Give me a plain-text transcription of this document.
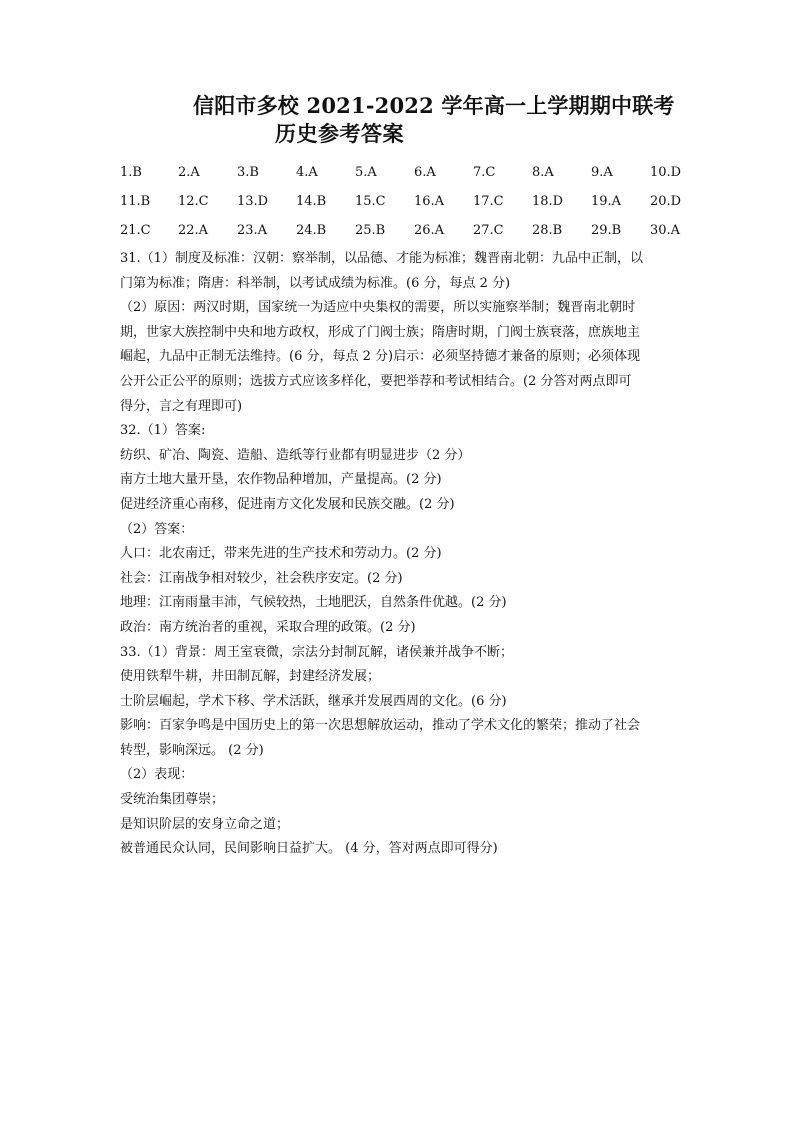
信阳市多校 2021-2022 学年高一上学期期中联考
历史参考答案
1.B	2.A	3.B	4.A	5.A	6.A	7.C	8.A	9.A	10.D
11.B	12.C	13.D	14.B	15.C	16.A	17.C	18.D	19.A	20.D
21.C	22.A	23.A	24.B	25.B	26.A	27.C	28.B	29.B	30.A
31.（1）制度及标准：汉朝：察举制，以品德、才能为标准；魏晋南北朝：九品中正制，以
门第为标准；隋唐：科举制，以考试成绩为标准。(6 分，每点 2 分)
（2）原因：两汉时期，国家统一为适应中央集权的需要，所以实施察举制；魏晋南北朝时
期，世家大族控制中央和地方政权，形成了门阀士族；隋唐时期，门阀士族衰落，庶族地主
崛起，九品中正制无法维持。(6 分，每点 2 分)启示：必须坚持德才兼备的原则；必须体现
公开公正公平的原则；选拔方式应该多样化，要把举荐和考试相结合。(2 分答对两点即可
得分，言之有理即可)
32.（1）答案:
纺织、矿冶、陶瓷、造船、造纸等行业都有明显进步（2 分）
南方土地大量开垦，农作物品种增加，产量提高。(2 分)
促进经济重心南移，促进南方文化发展和民族交融。(2 分)
（2）答案：
人口：北农南迁，带来先进的生产技术和劳动力。(2 分)
社会：江南战争相对较少，社会秩序安定。(2 分)
地理：江南雨量丰沛，气候较热，土地肥沃，自然条件优越。(2 分)
政治：南方统治者的重视，采取合理的政策。(2 分)
33.（1）背景：周王室衰微，宗法分封制瓦解，诸侯兼并战争不断；
使用铁犁牛耕，井田制瓦解，封建经济发展；
士阶层崛起，学术下移、学术活跃，继承并发展西周的文化。(6 分)
影响：百家争鸣是中国历史上的第一次思想解放运动，推动了学术文化的繁荣；推动了社会
转型，影响深远。 (2 分)
（2）表现：
受统治集团尊崇；
是知识阶层的安身立命之道；
被普通民众认同，民间影响日益扩大。 (4 分，答对两点即可得分)
